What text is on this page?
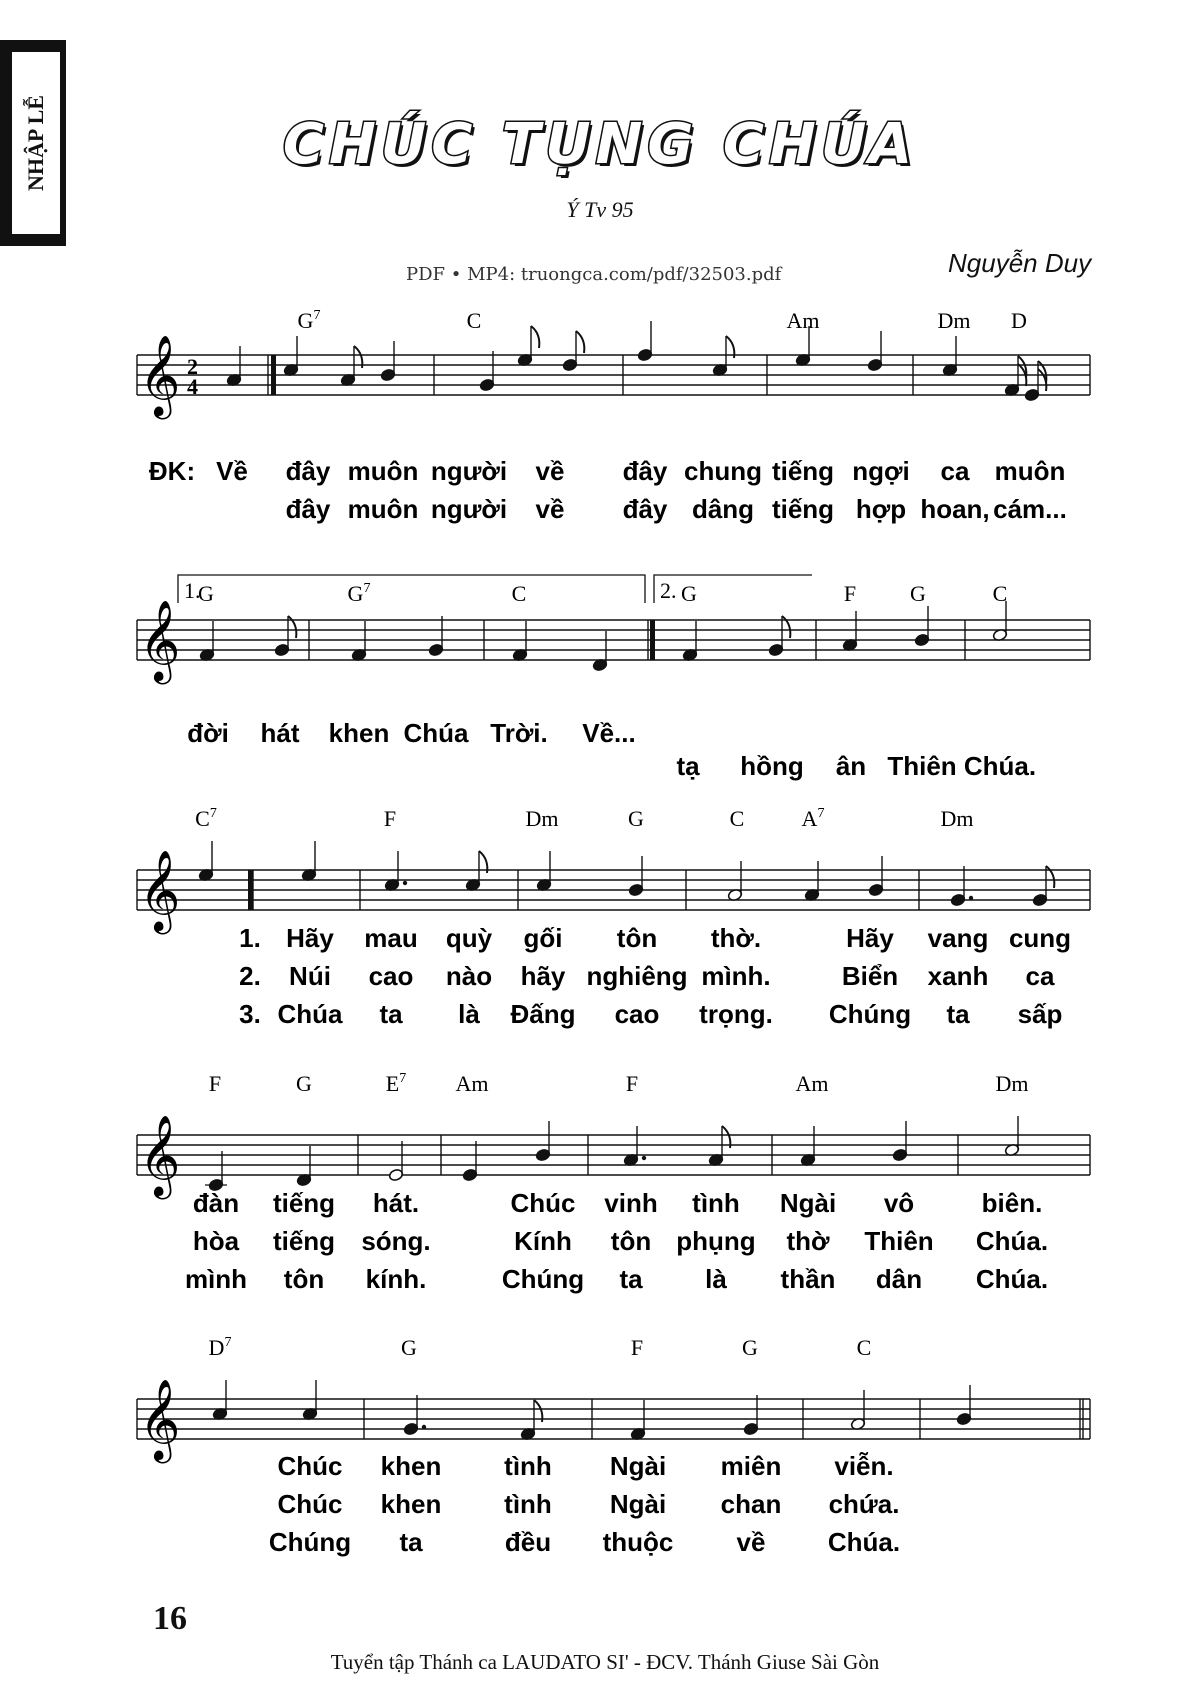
NHẬP LỄ	CHÚC TỤNG CHÚA
Ý Tv 95
PDF • MP4: truongca.com/pdf/32503.pdf	Nguyễn Duy
16
Tuyển tập Thánh ca LAUDATO SI' - ĐCV. Thánh Giuse Sài Gòn
𝄞 2
4
$G^7$	C	Am	Dm D
ĐK: Về đây muôn người về đây chung tiếng ngợi ca muôn
đây muôn người về đây dâng tiếng hợp hoan, cám...
𝄞
1.	2.
G	$G^7$	C	G	F G	C
đời hát khen Chúa Trời. Về...
tạ hồng ân Thiên Chúa.
𝄞
$C^7$	F	Dm	G	C	$A^7$	Dm
1. Hãy mau quỳ gối tôn thờ.	Hãy vang cung
2. Núi cao nào hãy nghiêng mình.	Biển xanh ca
3. Chúa ta là Đấng cao trọng. Chúng ta sấp
𝄞
F	G	$E^7$ Am	F	Am	Dm
đàn tiếng hát.	Chúc vinh tình Ngài vô	biên.
hòa tiếng sóng.	Kính tôn phụng thờ Thiên Chúa.
mình tôn kính.	Chúng ta là thần dân Chúa.
𝄞
$D^7$	G	F	G	C
Chúc khen tình Ngài miên viễn.
Chúc khen tình Ngài chan chứa.
Chúng ta	đều thuộc về Chúa.
